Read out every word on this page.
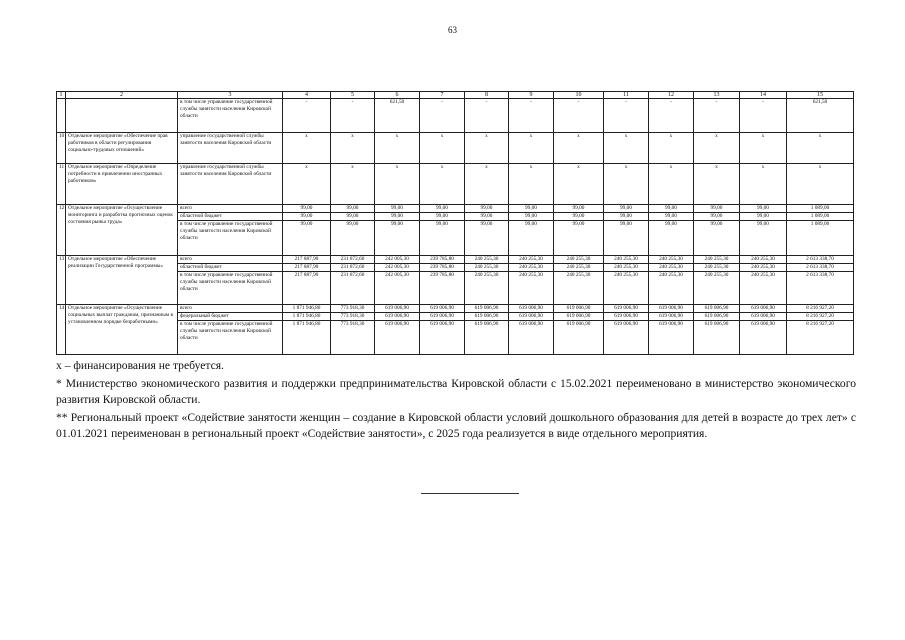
63
1	2	3	4	5	6	7	8	9	10	11	12	13	14	15
		в том числе управление государственной службы занятости населения Кировской области	-	-	621,50	-	-	-	-	-	-	-	-	621,50
10	Отдельное мероприятие «Обеспечение прав работников в области регулирования социально-трудовых отношений»	управление государственной службы занятости населения Кировской области	x	x	x	x	x	x	x	x	x	x	x	x
11	Отдельное мероприятие «Определение потребности в привлечении иностранных работников»	управление государственной службы занятости населения Кировской области	x	x	x	x	x	x	x	x	x	x	x	x
12	Отдельное мероприятие «Осуществление мониторинга и разработка прогнозных оценок состояния рынка труда»	всего	99,00	99,00	99,00	99,00	99,00	99,00	99,00	99,00	99,00	99,00	99,00	1 089,00
		областной бюджет	99,00	99,00	99,00	99,00	99,00	99,00	99,00	99,00	99,00	99,00	99,00	1 089,00
		в том числе управление государственной службы занятости населения Кировской области	99,00	99,00	99,00	99,00	99,00	99,00	99,00	99,00	99,00	99,00	99,00	1 089,00
13	Отдельное мероприятие «Обеспечение реализации Государственной программы»	всего	217 887,90	231 872,60	242 005,30	239 785,80	240 255,30	240 255,30	240 255,30	240 255,30	240 255,30	240 255,30	240 255,30	2 613 338,70
		областной бюджет	217 887,90	231 872,60	242 005,30	239 785,80	240 255,30	240 255,30	240 255,30	240 255,30	240 255,30	240 255,30	240 255,30	2 613 338,70
		в том числе управление государственной службы занятости населения Кировской области	217 887,90	231 872,60	242 005,30	239 785,80	240 255,30	240 255,30	240 255,30	240 255,30	240 255,30	240 255,30	240 255,30	2 613 338,70
14	Отдельное мероприятие «Осуществление социальных выплат гражданам, признанным в установленном порядке безработными»	всего	1 871 946,80	773 918,30	619 006,90	619 006,90	619 006,90	619 006,90	619 006,90	619 006,90	619 006,90	619 006,90	619 006,90	8 216 927,20
		федеральный бюджет	1 871 946,80	773 918,30	619 006,90	619 006,90	619 006,90	619 006,90	619 006,90	619 006,90	619 006,90	619 006,90	619 006,90	8 216 927,20
		в том числе управление государственной службы занятости населения Кировской области	1 871 946,80	773 918,30	619 006,90	619 006,90	619 006,90	619 006,90	619 006,90	619 006,90	619 006,90	619 006,90	619 006,90	8 216 927,20

x – финансирования не требуется.

* Министерство экономического развития и поддержки предпринимательства Кировской области с 15.02.2021 переименовано в министерство экономического развития Кировской области.

** Региональный проект «Содействие занятости женщин – создание в Кировской области условий дошкольного образования для детей в возрасте до трех лет» с 01.01.2021 переименован в региональный проект «Содействие занятости», с 2025 года реализуется в виде отдельного мероприятия.
